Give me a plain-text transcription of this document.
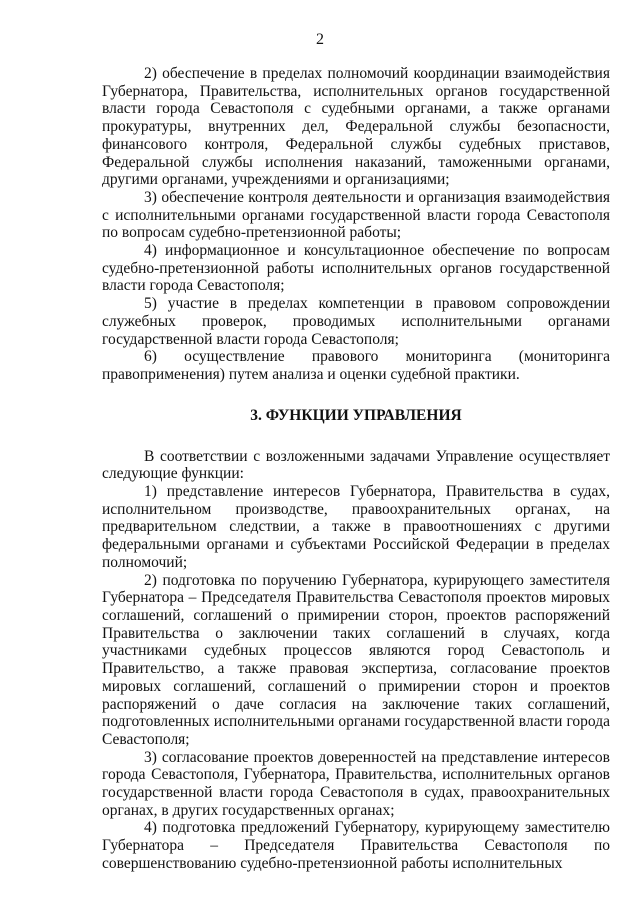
2

2) обеспечение в пределах полномочий координации взаимодействия Губернатора, Правительства, исполнительных органов государственной власти города Севастополя с судебными органами, а также органами прокуратуры, внутренних дел, Федеральной службы безопасности, финансового контроля, Федеральной службы судебных приставов, Федеральной службы исполнения наказаний, таможенными органами, другими органами, учреждениями и организациями;

3) обеспечение контроля деятельности и организация взаимодействия с исполнительными органами государственной власти города Севастополя по вопросам судебно-претензионной работы;

4) информационное и консультационное обеспечение по вопросам судебно-претензионной работы исполнительных органов государственной власти города Севастополя;

5) участие в пределах компетенции в правовом сопровождении служебных проверок, проводимых исполнительными органами государственной власти города Севастополя;

6) осуществление правового мониторинга (мониторинга правоприменения) путем анализа и оценки судебной практики.

3. ФУНКЦИИ УПРАВЛЕНИЯ

В соответствии с возложенными задачами Управление осуществляет следующие функции:

1) представление интересов Губернатора, Правительства в судах, исполнительном производстве, правоохранительных органах, на предварительном следствии, а также в правоотношениях с другими федеральными органами и субъектами Российской Федерации в пределах полномочий;

2) подготовка по поручению Губернатора, курирующего заместителя Губернатора – Председателя Правительства Севастополя проектов мировых соглашений, соглашений о примирении сторон, проектов распоряжений Правительства о заключении таких соглашений в случаях, когда участниками судебных процессов являются город Севастополь и Правительство, а также правовая экспертиза, согласование проектов мировых соглашений, соглашений о примирении сторон и проектов распоряжений о даче согласия на заключение таких соглашений, подготовленных исполнительными органами государственной власти города Севастополя;

3) согласование проектов доверенностей на представление интересов города Севастополя, Губернатора, Правительства, исполнительных органов государственной власти города Севастополя в судах, правоохранительных органах, в других государственных органах;

4) подготовка предложений Губернатору, курирующему заместителю Губернатора – Председателя Правительства Севастополя по совершенствованию судебно-претензионной работы исполнительных
